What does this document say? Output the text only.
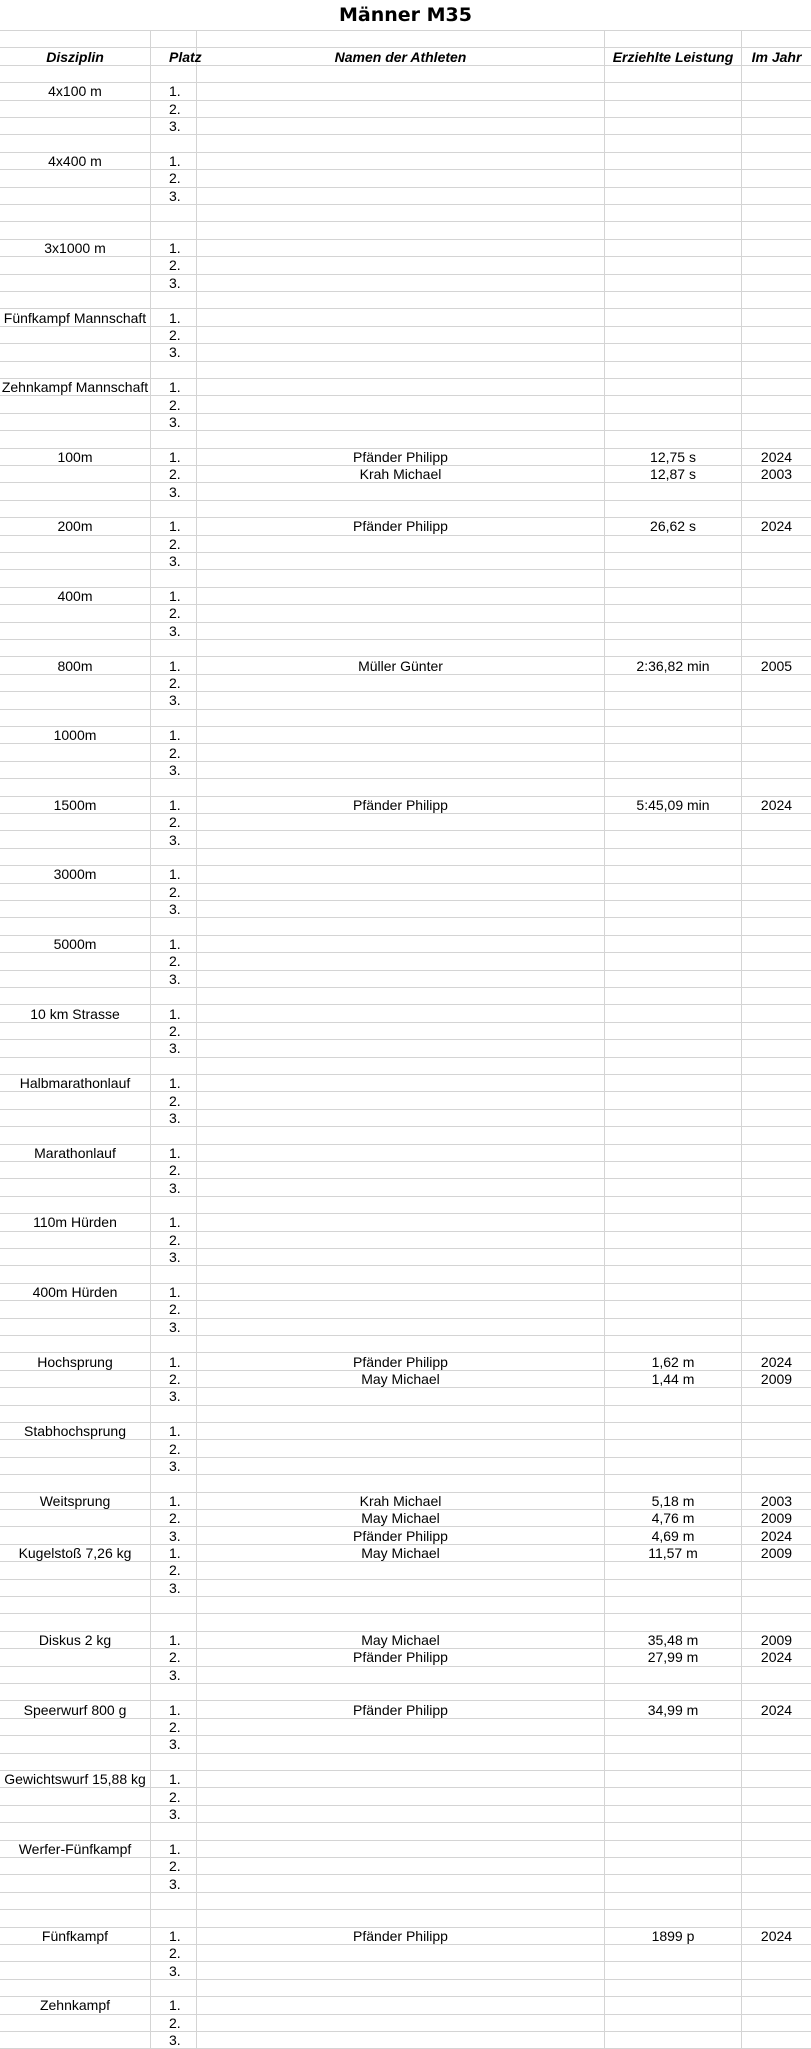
Männer M35
Disziplin	Platz	Namen der Athleten	Erziehlte Leistung	Im Jahr
4x100 m	1.
2.
3.
4x400 m	1.
2.
3.
3x1000 m	1.
2.
3.
Fünfkampf Mannschaft	1.
2.
3.
Zehnkampf Mannschaft	1.
2.
3.
100m	1.	Pfänder Philipp	12,75 s	2024
2.	Krah Michael	12,87 s	2003
3.
200m	1.	Pfänder Philipp	26,62 s	2024
2.
3.
400m	1.
2.
3.
800m	1.	Müller Günter	2:36,82 min	2005
2.
3.
1000m	1.
2.
3.
1500m	1.	Pfänder Philipp	5:45,09 min	2024
2.
3.
3000m	1.
2.
3.
5000m	1.
2.
3.
10 km Strasse	1.
2.
3.
Halbmarathonlauf	1.
2.
3.
Marathonlauf	1.
2.
3.
110m Hürden	1.
2.
3.
400m Hürden	1.
2.
3.
Hochsprung	1.	Pfänder Philipp	1,62 m	2024
2.	May Michael	1,44 m	2009
3.
Stabhochsprung	1.
2.
3.
Weitsprung	1.	Krah Michael	5,18 m	2003
2.	May Michael	4,76 m	2009
3.	Pfänder Philipp	4,69 m	2024
Kugelstoß 7,26 kg	1.	May Michael	11,57 m	2009
2.
3.
Diskus 2 kg	1.	May Michael	35,48 m	2009
2.	Pfänder Philipp	27,99 m	2024
3.
Speerwurf 800 g	1.	Pfänder Philipp	34,99 m	2024
2.
3.
Gewichtswurf 15,88 kg	1.
2.
3.
Werfer-Fünfkampf	1.
2.
3.
Fünfkampf	1.	Pfänder Philipp	1899 p	2024
2.
3.
Zehnkampf	1.
2.
3.
